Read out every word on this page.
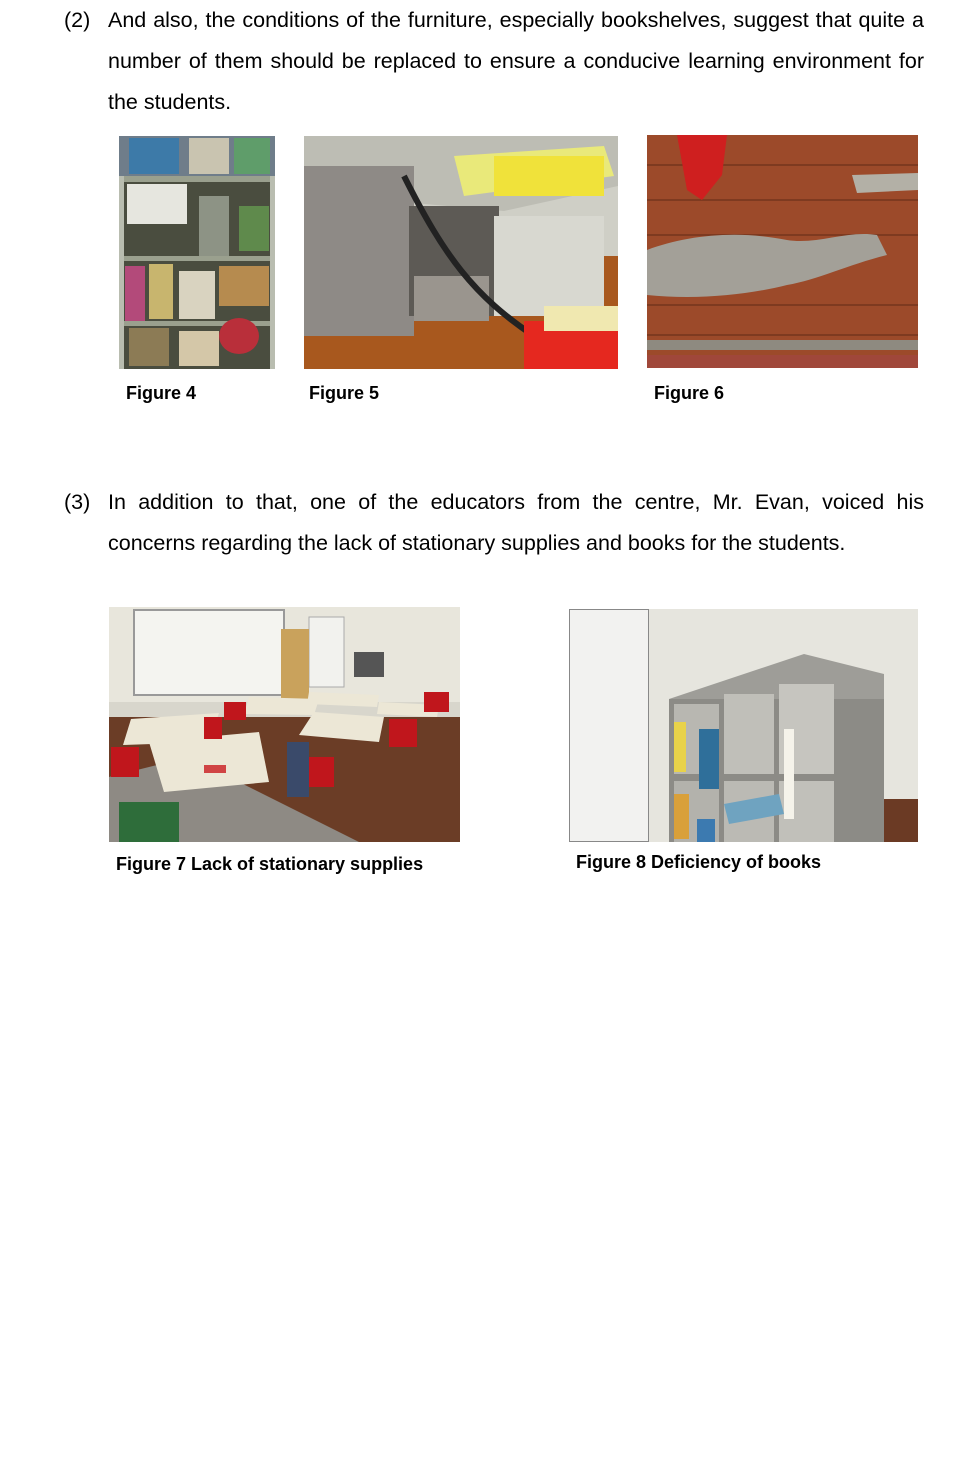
(2) And also, the conditions of the furniture, especially bookshelves, suggest that quite a number of them should be replaced to ensure a conducive learning environment for the students.
Figure 4	Figure 5	Figure 6
(3) In addition to that, one of the educators from the centre, Mr. Evan, voiced his concerns regarding the lack of stationary supplies and books for the students.
Figure 7 Lack of stationary supplies	Figure 8 Deficiency of books
